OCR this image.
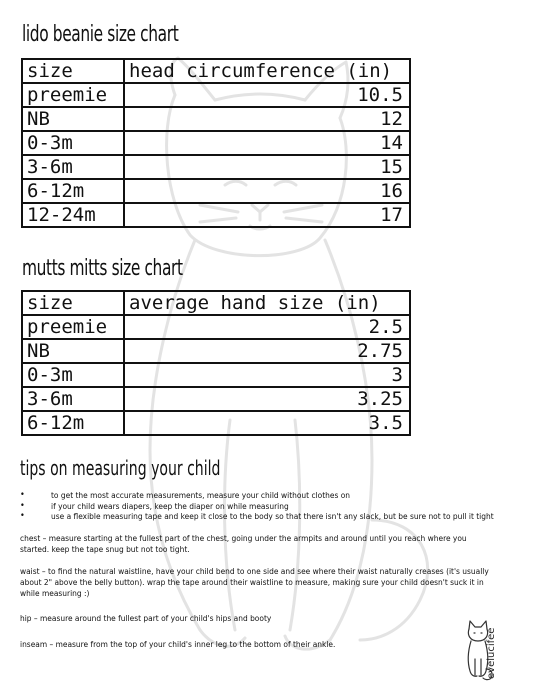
lido beanie size chart
size	head circumference (in)
preemie	10.5
NB	12
0-3m	14
3-6m	15
6-12m	16
12-24m	17
mutts mitts size chart
size	average hand size (in)
preemie	2.5
NB	2.75
0-3m	3
3-6m	3.25
6-12m	3.5
tips on measuring your child
• to get the most accurate measurements, measure your child without clothes on
• if your child wears diapers, keep the diaper on while measuring
• use a flexible measuring tape and keep it close to the body so that there isn't any slack, but be sure not to pull it tight

chest – measure starting at the fullest part of the chest, going under the armpits and around until you reach where you started. keep the tape snug but not too tight.

waist – to find the natural waistline, have your child bend to one side and see where their waist naturally creases (it's usually about 2" above the belly button). wrap the tape around their waistline to measure, making sure your child doesn't suck it in while measuring :)

hip – measure around the fullest part of your child's hips and booty

inseam – measure from the top of your child's inner leg to the bottom of their ankle.	evelucifee
